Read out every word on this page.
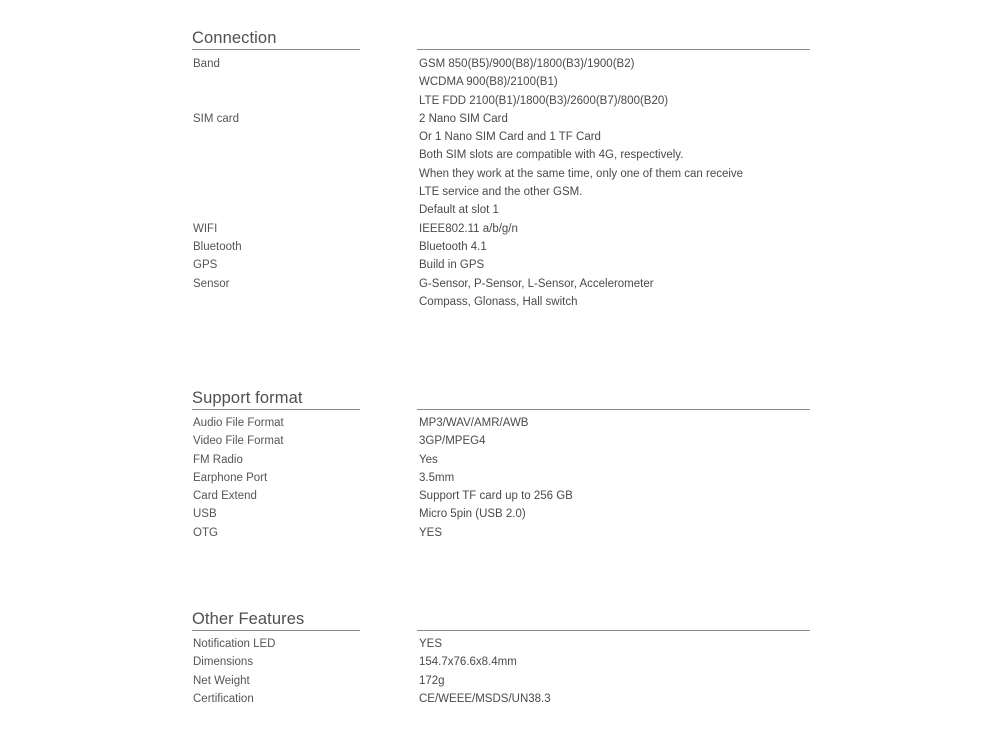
Connection
Band	GSM 850(B5)/900(B8)/1800(B3)/1900(B2)
WCDMA 900(B8)/2100(B1)
LTE FDD 2100(B1)/1800(B3)/2600(B7)/800(B20)
SIM card	2 Nano SIM Card
Or 1 Nano SIM Card and 1 TF Card
Both SIM slots are compatible with 4G, respectively.
When they work at the same time, only one of them can receive
LTE service and the other GSM.
Default at slot 1
WIFI	IEEE802.11 a/b/g/n
Bluetooth	Bluetooth 4.1
GPS	Build in GPS
Sensor	G-Sensor, P-Sensor, L-Sensor, Accelerometer
Compass, Glonass, Hall switch
Support format
Audio File Format	MP3/WAV/AMR/AWB
Video File Format	3GP/MPEG4
FM Radio	Yes
Earphone Port	3.5mm
Card Extend	Support TF card up to 256 GB
USB	Micro 5pin (USB 2.0)
OTG	YES
Other Features
Notification LED	YES
Dimensions	154.7x76.6x8.4mm
Net Weight	172g
Certification	CE/WEEE/MSDS/UN38.3
